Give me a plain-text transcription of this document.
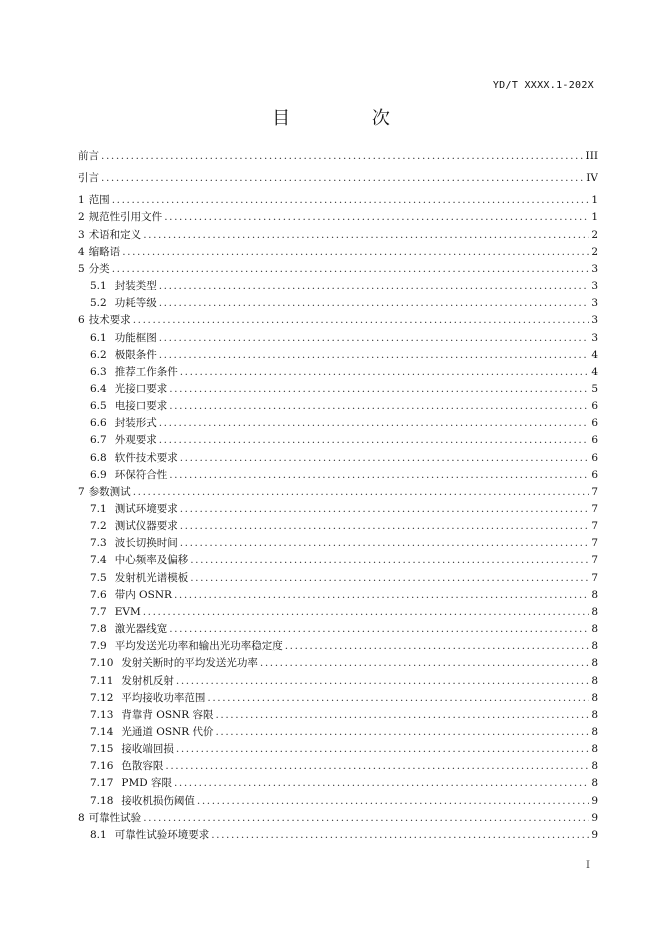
YD/T XXXX.1-202X
目 次
前言 .....	III
引言 .....	IV
1 范围 .....	1
2 规范性引用文件 .....	1
3 术语和定义 .....	2
4 缩略语 .....	2
5 分类 .....	3
5.1 封装类型 .....	3
5.2 功耗等级 .....	3
6 技术要求 .....	3
6.1 功能框图 .....	3
6.2 极限条件 .....	4
6.3 推荐工作条件 .....	4
6.4 光接口要求 .....	5
6.5 电接口要求 .....	6
6.6 封装形式 .....	6
6.7 外观要求 .....	6
6.8 软件技术要求 .....	6
6.9 环保符合性 .....	6
7 参数测试 .....	7
7.1 测试环境要求 .....	7
7.2 测试仪器要求 .....	7
7.3 波长切换时间 .....	7
7.4 中心频率及偏移 .....	7
7.5 发射机光谱模板 .....	7
7.6 带内 OSNR .....	8
7.7 EVM .....	8
7.8 激光器线宽 .....	8
7.9 平均发送光功率和输出光功率稳定度 .....	8
7.10 发射关断时的平均发送光功率 .....	8
7.11 发射机反射 .....	8
7.12 平均接收功率范围 .....	8
7.13 背靠背 OSNR 容限 .....	8
7.14 光通道 OSNR 代价 .....	8
7.15 接收端回损 .....	8
7.16 色散容限 .....	8
7.17 PMD 容限 .....	8
7.18 接收机损伤阈值 .....	9
8 可靠性试验 .....	9
8.1 可靠性试验环境要求 .....	9
I
